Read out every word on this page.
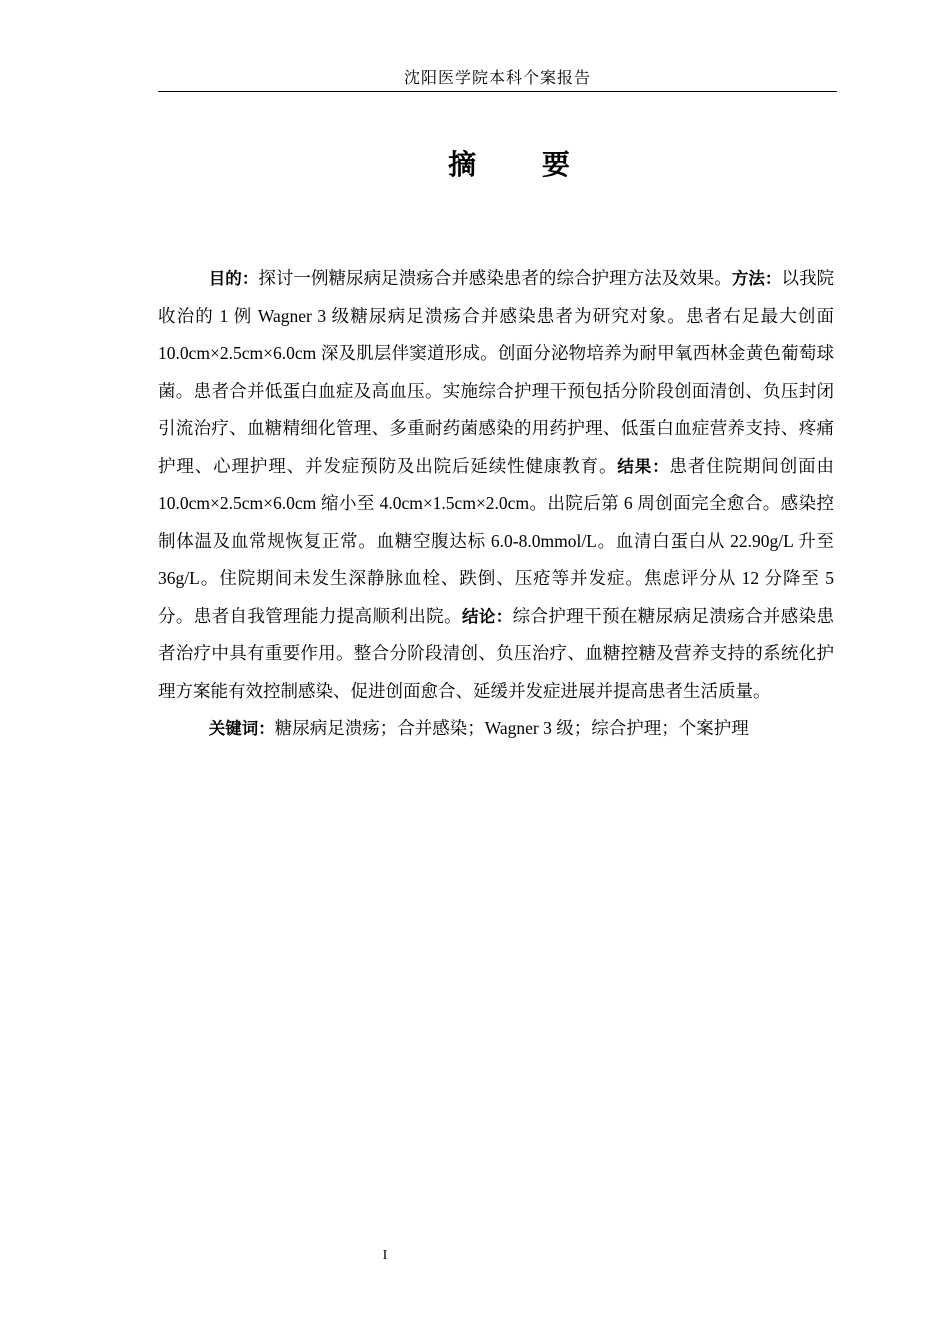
沈阳医学院本科个案报告
摘 要

目的：探讨一例糖尿病足溃疡合并感染患者的综合护理方法及效果。方法：以我院收治的 1 例 Wagner 3 级糖尿病足溃疡合并感染患者为研究对象。患者右足最大创面 10.0cm×2.5cm×6.0cm 深及肌层伴窦道形成。创面分泌物培养为耐甲氧西林金黄色葡萄球菌。患者合并低蛋白血症及高血压。实施综合护理干预包括分阶段创面清创、负压封闭引流治疗、血糖精细化管理、多重耐药菌感染的用药护理、低蛋白血症营养支持、疼痛护理、心理护理、并发症预防及出院后延续性健康教育。结果：患者住院期间创面由 10.0cm×2.5cm×6.0cm 缩小至 4.0cm×1.5cm×2.0cm。出院后第 6 周创面完全愈合。感染控制体温及血常规恢复正常。血糖空腹达标 6.0-8.0mmol/L。血清白蛋白从 22.90g/L 升至 36g/L。住院期间未发生深静脉血栓、跌倒、压疮等并发症。焦虑评分从 12 分降至 5 分。患者自我管理能力提高顺利出院。结论：综合护理干预在糖尿病足溃疡合并感染患者治疗中具有重要作用。整合分阶段清创、负压治疗、血糖控糖及营养支持的系统化护理方案能有效控制感染、促进创面愈合、延缓并发症进展并提高患者生活质量。

关键词：糖尿病足溃疡；合并感染；Wagner 3 级；综合护理；个案护理

I
